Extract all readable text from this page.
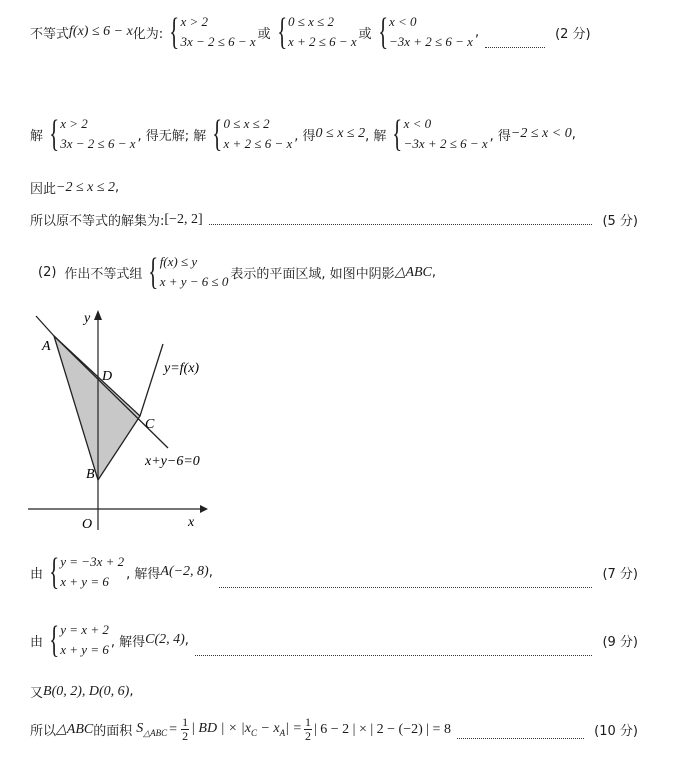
不等式 f(x) ≤ 6 − x 化为: { x > 2
3x − 2 ≤ 6 − x 或 { 0 ≤ x ≤ 2
x + 2 ≤ 6 − x 或 { x < 0
−3x + 2 ≤ 6 − x
,	(2 分)
解 { x > 2
3x − 2 ≤ 6 − x , 得无解; 解 { 0 ≤ x ≤ 2
x + 2 ≤ 6 − x , 得 0 ≤ x ≤ 2 , 解 { x < 0
−3x + 2 ≤ 6 − x , 得 −2 ≤ x < 0 ,
因此 −2 ≤ x ≤ 2 ,
所以原不等式的解集为: [−2, 2]	(5 分)
(2) 作出不等式组 { f(x) ≤ y
x + y − 6 ≤ 0 表示的平面区域, 如图中阴影 △ABC ,
A
B
C
D
O	x
y
y=f(x)
x+y−6=0
由 { y = −3x + 2
x + y = 6	, 解得 A(−2, 8) ,	(7 分)
由 { y = x + 2
x + y = 6 , 解得 C(2, 4) ,	(9 分)
又 B(0, 2), D(0, 6) ,
所以 △ABC 的面积 $S_{\triangle ABC} = \frac{1}{2}$ | BD | × $|x_C - x_A| = \frac{1}{2}$ | 6 − 2 | × | 2 − (−2) | = 8	(10 分)
